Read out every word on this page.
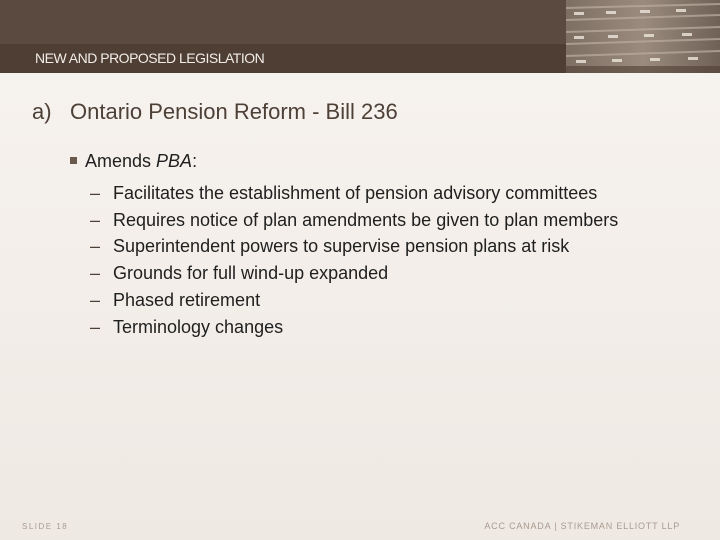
NEW AND PROPOSED LEGISLATION
a) Ontario Pension Reform - Bill 236
Amends PBA:
– Facilitates the establishment of pension advisory committees
– Requires notice of plan amendments be given to plan members
– Superintendent powers to supervise pension plans at risk
– Grounds for full wind-up expanded
– Phased retirement
– Terminology changes
SLIDE 18	ACC CANADA | STIKEMAN ELLIOTT LLP
